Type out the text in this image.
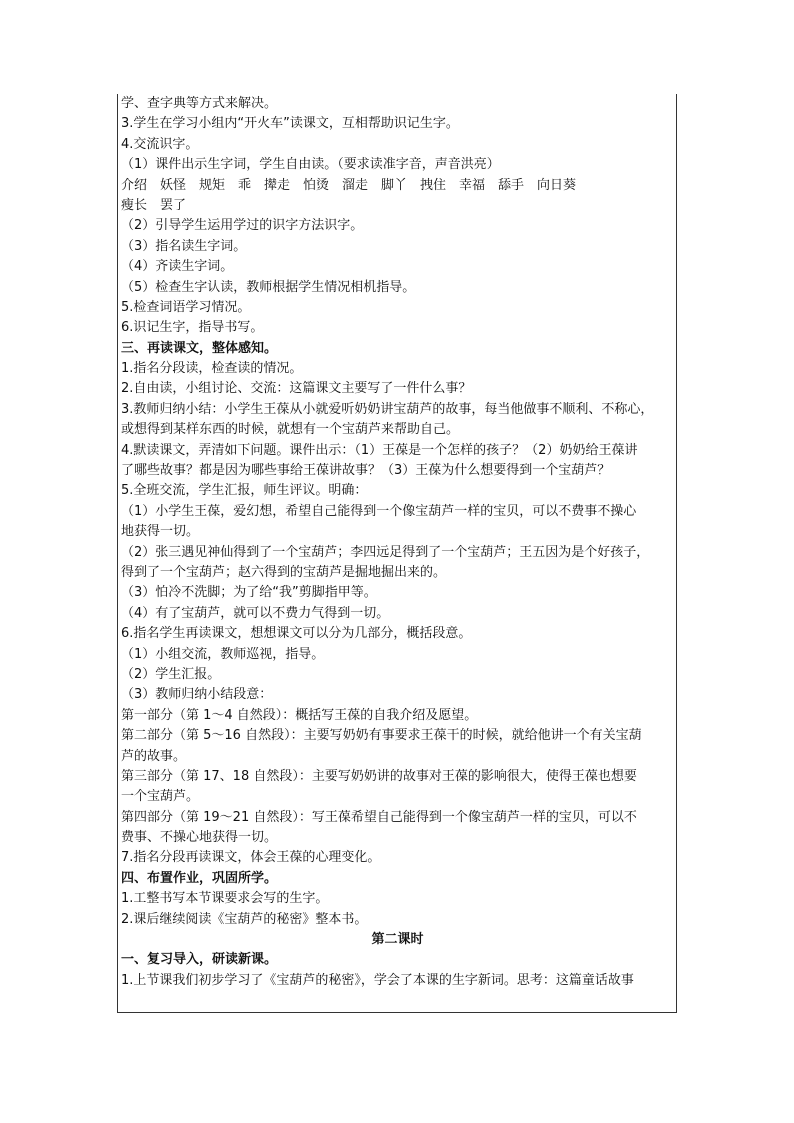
学、查字典等方式来解决。
3.学生在学习小组内“开火车”读课文，互相帮助识记生字。
4.交流识字。
（1）课件出示生字词，学生自由读。（要求读准字音，声音洪亮）
介绍　妖怪　规矩　乖　撵走　怕烫　溜走　脚丫　拽住　幸福　舔手　向日葵
瘦长　罢了
（2）引导学生运用学过的识字方法识字。
（3）指名读生字词。
（4）齐读生字词。
（5）检查生字认读，教师根据学生情况相机指导。
5.检查词语学习情况。
6.识记生字，指导书写。
三、再读课文，整体感知。
1.指名分段读，检查读的情况。
2.自由读，小组讨论、交流：这篇课文主要写了一件什么事？
3.教师归纳小结：小学生王葆从小就爱听奶奶讲宝葫芦的故事，每当他做事不顺利、不称心，
或想得到某样东西的时候，就想有一个宝葫芦来帮助自己。
4.默读课文，弄清如下问题。课件出示：（1）王葆是一个怎样的孩子？（2）奶奶给王葆讲
了哪些故事？都是因为哪些事给王葆讲故事？（3）王葆为什么想要得到一个宝葫芦？
5.全班交流，学生汇报，师生评议。明确：
（1）小学生王葆，爱幻想，希望自己能得到一个像宝葫芦一样的宝贝，可以不费事不操心
地获得一切。
（2）张三遇见神仙得到了一个宝葫芦；李四远足得到了一个宝葫芦；王五因为是个好孩子，
得到了一个宝葫芦；赵六得到的宝葫芦是掘地掘出来的。
（3）怕冷不洗脚；为了给“我”剪脚指甲等。
（4）有了宝葫芦，就可以不费力气得到一切。
6.指名学生再读课文，想想课文可以分为几部分，概括段意。
（1）小组交流，教师巡视，指导。
（2）学生汇报。
（3）教师归纳小结段意：
第一部分（第 1～4 自然段）：概括写王葆的自我介绍及愿望。
第二部分（第 5～16 自然段）：主要写奶奶有事要求王葆干的时候，就给他讲一个有关宝葫
芦的故事。
第三部分（第 17、18 自然段）：主要写奶奶讲的故事对王葆的影响很大，使得王葆也想要
一个宝葫芦。
第四部分（第 19～21 自然段）：写王葆希望自己能得到一个像宝葫芦一样的宝贝，可以不
费事、不操心地获得一切。
7.指名分段再读课文，体会王葆的心理变化。
四、布置作业，巩固所学。
1.工整书写本节课要求会写的生字。
2.课后继续阅读《宝葫芦的秘密》整本书。
第二课时
一、复习导入，研读新课。
1.上节课我们初步学习了《宝葫芦的秘密》，学会了本课的生字新词。思考：这篇童话故事
